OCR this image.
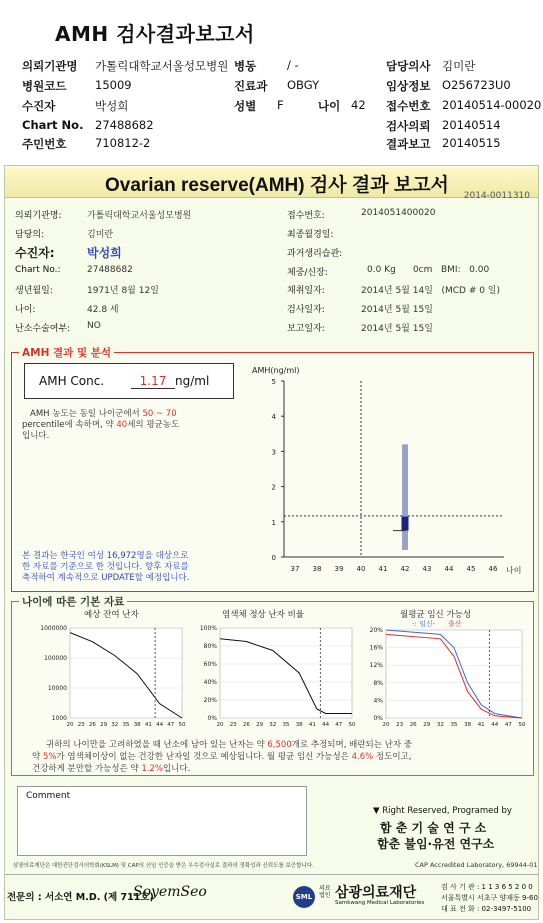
AMH 검사결과보고서
의뢰기관명 가톨릭대학교서울성모병원 병동	/ -	담당의사 김미란
병원코드 15009	진료과 OBGY	임상정보 O256723U0
수진자	박성희	성별 F	나이 42 접수번호 20140514-00020
Chart No. 27488682	검사의뢰 20140514
주민번호 710812-2	결과보고 20140515
Ovarian reserve(AMH) 검사 결과 보고서 2014-0011310
의뢰기관명:	가톨릭대학교서울성모병원
담당의:	김미란
수진자:	박성희
Chart No.:	27488682
생년월일:	1971년 8월 12일
나이:	42.8 세
난소수술여부: NO
접수번호:	2014051400020
최종월경일:
과거생리습관:
체중/신장:	0.0 Kg      0cm   BMI:   0.00
채취일자:	2014년 5월 14일   (MCD # 0 일)
검사일자:	2014년 5월 15일
보고일자:	2014년 5월 15일
AMH Conc.	1.17 ng/ml
AMH 농도는 동일 나이군에서 50 ~ 70
percentile에 속하며, 약 40세의 평균농도
입니다.
본 결과는 한국인 여성 16,972명을 대상으로
한 자료를 기준으로 한 것입니다. 향후 자료를
축적하여 계속적으로 UPDATE할 예정입니다.
AMH(ng/ml)
0
1
2
3
4
5
37 38 39 40 41 42 43 44 45 46 나이
AMH 결과 및 분석
예상 잔여 난자	염색체 정상 난자 비율	월평균 임신 가능성
-: 임신- 출산
1000000
100000
10000
1000
20 23 26 29 32 35 38 41 44 47 50
100%
80%
60%
40%
20%
0%
20 23 26 29 32 35 38 41 44 47 50
20%
16%
12%
8%
4%
0%
20 23 26 29 32 35 38 41 44 47 50
귀하의 나이만을 고려하였을 때 난소에 남아 있는 난자는 약 6,500개로 추정되며, 배란되는 난자 중
약 5%가 염색체이상이 없는 건강한 난자일 것으로 예상됩니다. 월 평균 임신 가능성은 4.6% 정도이고,
건강하게 분만할 가능성은 약 1.2%입니다.
나이에 따른 기본 자료
Comment
▼ Right Reserved, Programed by
함 춘 기 술 연 구 소
함춘 불임·유전 연구소
삼광의료재단은 대한진단검사의학회(KSLM) 및 CAP의 신임 인증을 받은 우수검사실로 결과의 정확성과 신뢰도를 보증합니다.	CAP Accredited Laboratory, 69944-01
전문의 : 서소연 M.D. (제 711호)
SoyemSeo	SML
의료
법인 삼광의료재단
Samkwang Medical Laboratories
검 사 기 관 : 1 1 3 6 5 2 0 0
서울특별시 서초구 양재동 9-60
대 표 전 화 : 02-3497-5100
